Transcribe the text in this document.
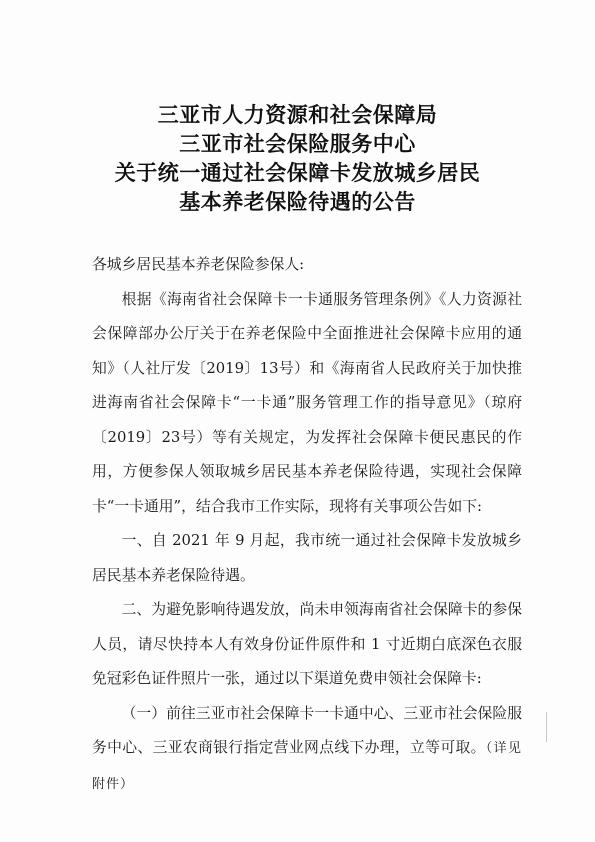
三亚市人力资源和社会保障局
三亚市社会保险服务中心
关于统一通过社会保障卡发放城乡居民
基本养老保险待遇的公告

各城乡居民基本养老保险参保人:

根据《海南省社会保障卡一卡通服务管理条例》《人力资源社会保障部办公厅关于在养老保险中全面推进社会保障卡应用的通知》（人社厅发〔2019〕13号）和《海南省人民政府关于加快推进海南省社会保障卡“一卡通”服务管理工作的指导意见》（琼府〔2019〕23号）等有关规定，为发挥社会保障卡便民惠民的作用，方便参保人领取城乡居民基本养老保险待遇，实现社会保障卡“一卡通用”，结合我市工作实际，现将有关事项公告如下:

一、自 2021 年 9 月起，我市统一通过社会保障卡发放城乡居民基本养老保险待遇。

二、为避免影响待遇发放，尚未申领海南省社会保障卡的参保人员，请尽快持本人有效身份证件原件和 1 寸近期白底深色衣服免冠彩色证件照片一张，通过以下渠道免费申领社会保障卡:

（一）前往三亚市社会保障卡一卡通中心、三亚市社会保险服务中心、三亚农商银行指定营业网点线下办理，立等可取。（详见附件）
